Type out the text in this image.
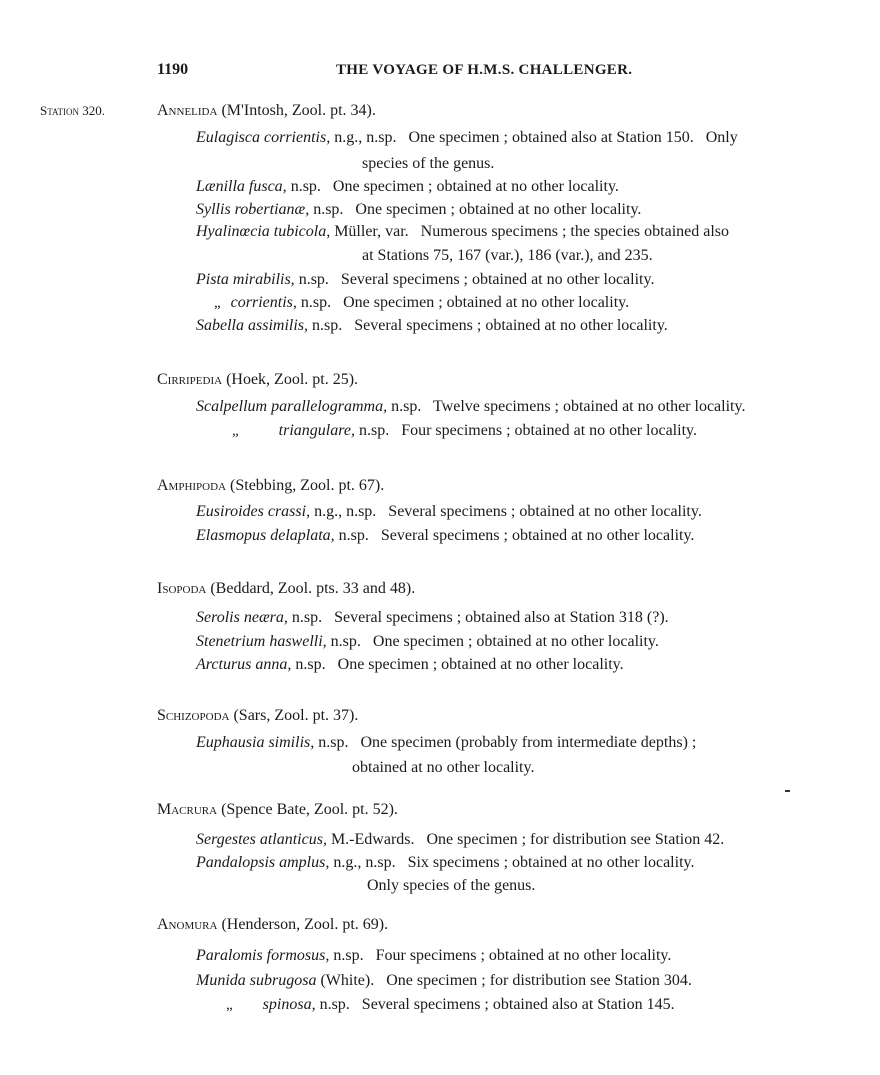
1190	THE VOYAGE OF H.M.S. CHALLENGER.
Station 320.	Annelida (M'Intosh, Zool. pt. 34).
Eulagisca corrientis, n.g., n.sp.   One specimen ; obtained also at Station 150.   Only
species of the genus.
Lænilla fusca, n.sp.   One specimen ; obtained at no other locality.
Syllis robertianæ, n.sp.   One specimen ; obtained at no other locality.
Hyalinœcia tubicola, Müller, var.   Numerous specimens ; the species obtained also
at Stations 75, 167 (var.), 186 (var.), and 235.
Pista mirabilis, n.sp.   Several specimens ; obtained at no other locality.
„ corrientis, n.sp.   One specimen ; obtained at no other locality.
Sabella assimilis, n.sp.   Several specimens ; obtained at no other locality.
Cirripedia (Hoek, Zool. pt. 25).
Scalpellum parallelogramma, n.sp.   Twelve specimens ; obtained at no other locality.
„	triangulare, n.sp.   Four specimens ; obtained at no other locality.
Amphipoda (Stebbing, Zool. pt. 67).
Eusiroides crassi, n.g., n.sp.   Several specimens ; obtained at no other locality.
Elasmopus delaplata, n.sp.   Several specimens ; obtained at no other locality.
Isopoda (Beddard, Zool. pts. 33 and 48).
Serolis neæra, n.sp.   Several specimens ; obtained also at Station 318 (?).
Stenetrium haswelli, n.sp.   One specimen ; obtained at no other locality.
Arcturus anna, n.sp.   One specimen ; obtained at no other locality.
Schizopoda (Sars, Zool. pt. 37).
Euphausia similis, n.sp.   One specimen (probably from intermediate depths) ;
obtained at no other locality.
Macrura (Spence Bate, Zool. pt. 52).
Sergestes atlanticus, M.-Edwards.   One specimen ; for distribution see Station 42.
Pandalopsis amplus, n.g., n.sp.   Six specimens ; obtained at no other locality.
Only species of the genus.
Anomura (Henderson, Zool. pt. 69).
Paralomis formosus, n.sp.   Four specimens ; obtained at no other locality.
Munida subrugosa (White).   One specimen ; for distribution see Station 304.
„ spinosa, n.sp.   Several specimens ; obtained also at Station 145.
